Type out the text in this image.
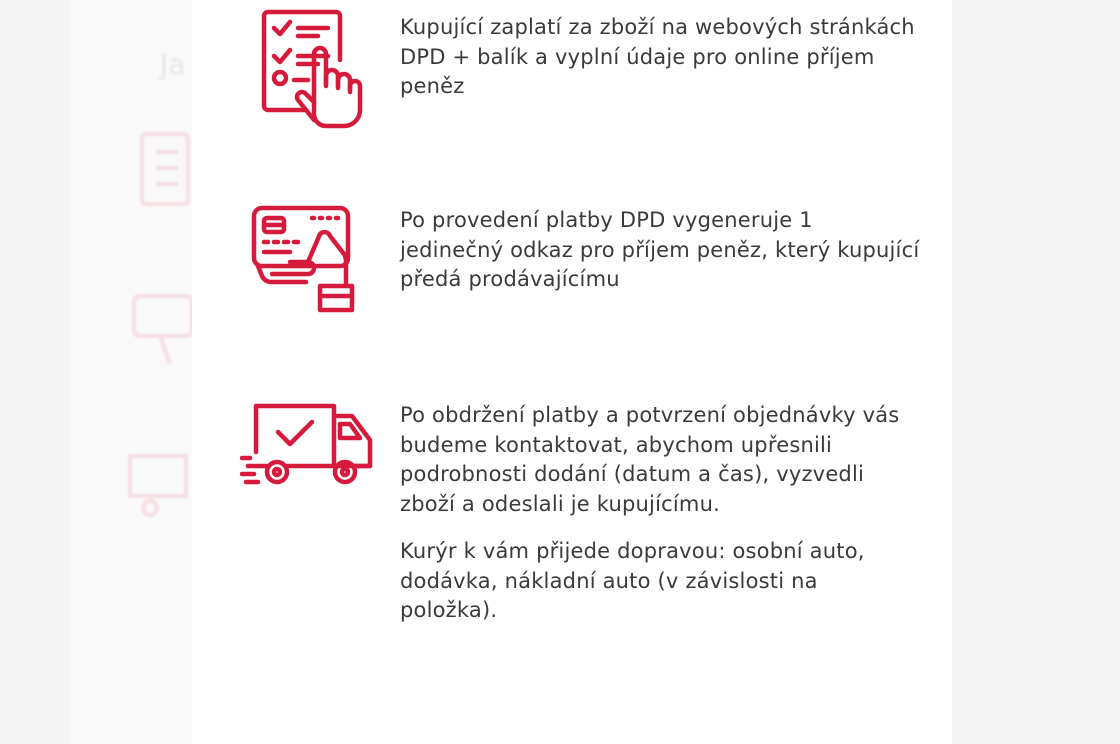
Ja

Kupující zaplatí za zboží na webových stránkách DPD + balík a vyplní údaje pro online příjem peněz

Po provedení platby DPD vygeneruje 1 jedinečný odkaz pro příjem peněz, který kupující předá prodávajícímu

Po obdržení platby a potvrzení objednávky vás budeme kontaktovat, abychom upřesnili podrobnosti dodání (datum a čas), vyzvedli zboží a odeslali je kupujícímu.

Kurýr k vám přijede dopravou: osobní auto, dodávka, nákladní auto (v závislosti na položka).
